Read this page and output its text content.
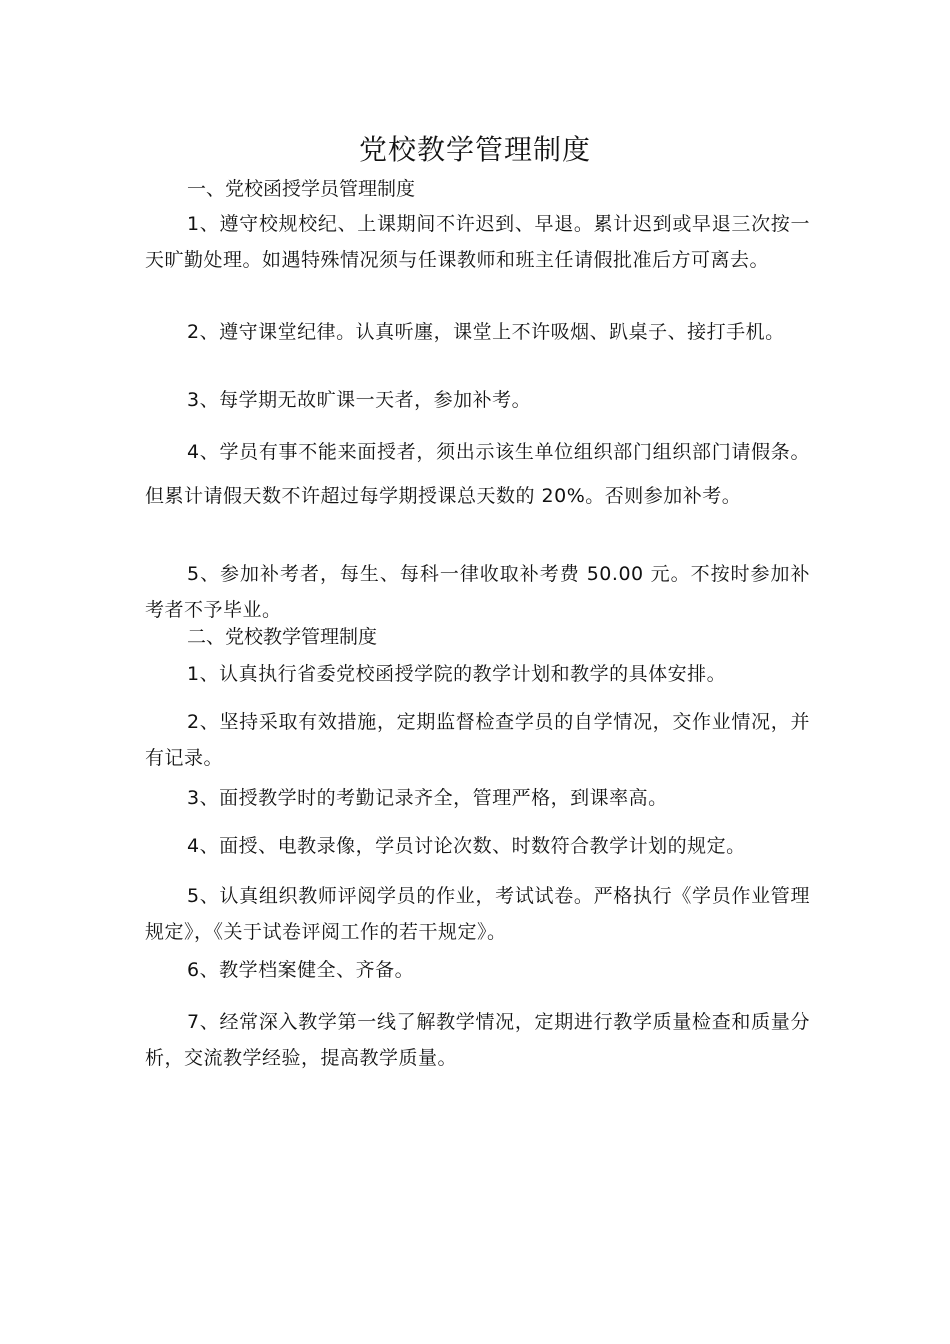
党校教学管理制度
一、党校函授学员管理制度

1、遵守校规校纪、上课期间不许迟到、早退。累计迟到或早退三次按一天旷勤处理。如遇特殊情况须与任课教师和班主任请假批准后方可离去。

2、遵守课堂纪律。认真听廛，课堂上不许吸烟、趴桌子、接打手机。

3、每学期无故旷课一天者，参加补考。

4、学员有事不能来面授者，须出示该生单位组织部门组织部门请假条。但累计请假天数不许超过每学期授课总天数的 20%。否则参加补考。

5、参加补考者，每生、每科一律收取补考费 50.00 元。不按时参加补考者不予毕业。

二、党校教学管理制度

1、认真执行省委党校函授学院的教学计划和教学的具体安排。

2、坚持采取有效措施，定期监督检查学员的自学情况，交作业情况，并有记录。

3、面授教学时的考勤记录齐全，管理严格，到课率高。

4、面授、电教录像，学员讨论次数、时数符合教学计划的规定。

5、认真组织教师评阅学员的作业，考试试卷。严格执行《学员作业管理规定》，《关于试卷评阅工作的若干规定》。

6、教学档案健全、齐备。

7、经常深入教学第一线了解教学情况，定期进行教学质量检查和质量分析，交流教学经验，提高教学质量。
